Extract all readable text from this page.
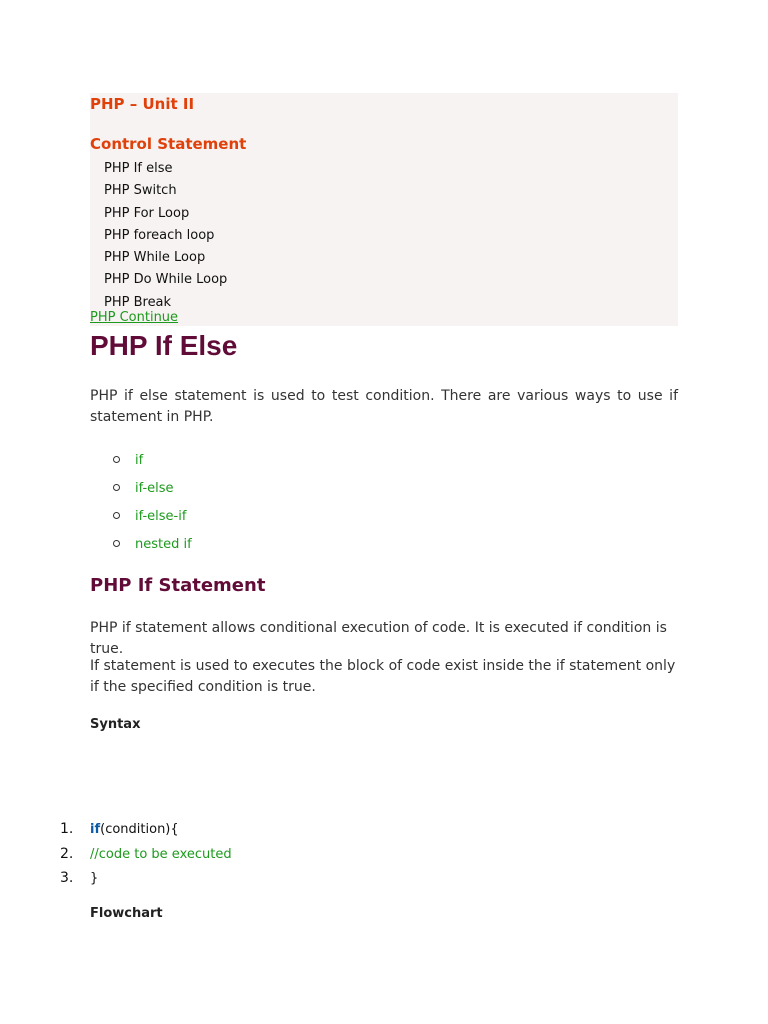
PHP – Unit II
Control Statement
PHP If else
PHP Switch
PHP For Loop
PHP foreach loop
PHP While Loop
PHP Do While Loop
PHP Break
PHP Continue
PHP If Else

PHP if else statement is used to test condition. There are various ways to use if statement in PHP.

if
if-else
if-else-if
nested if
PHP If Statement

PHP if statement allows conditional execution of code. It is executed if condition is true.

If statement is used to executes the block of code exist inside the if statement only if the specified condition is true.

Syntax
1. if(condition){
2. //code to be executed
3. }
Flowchart
